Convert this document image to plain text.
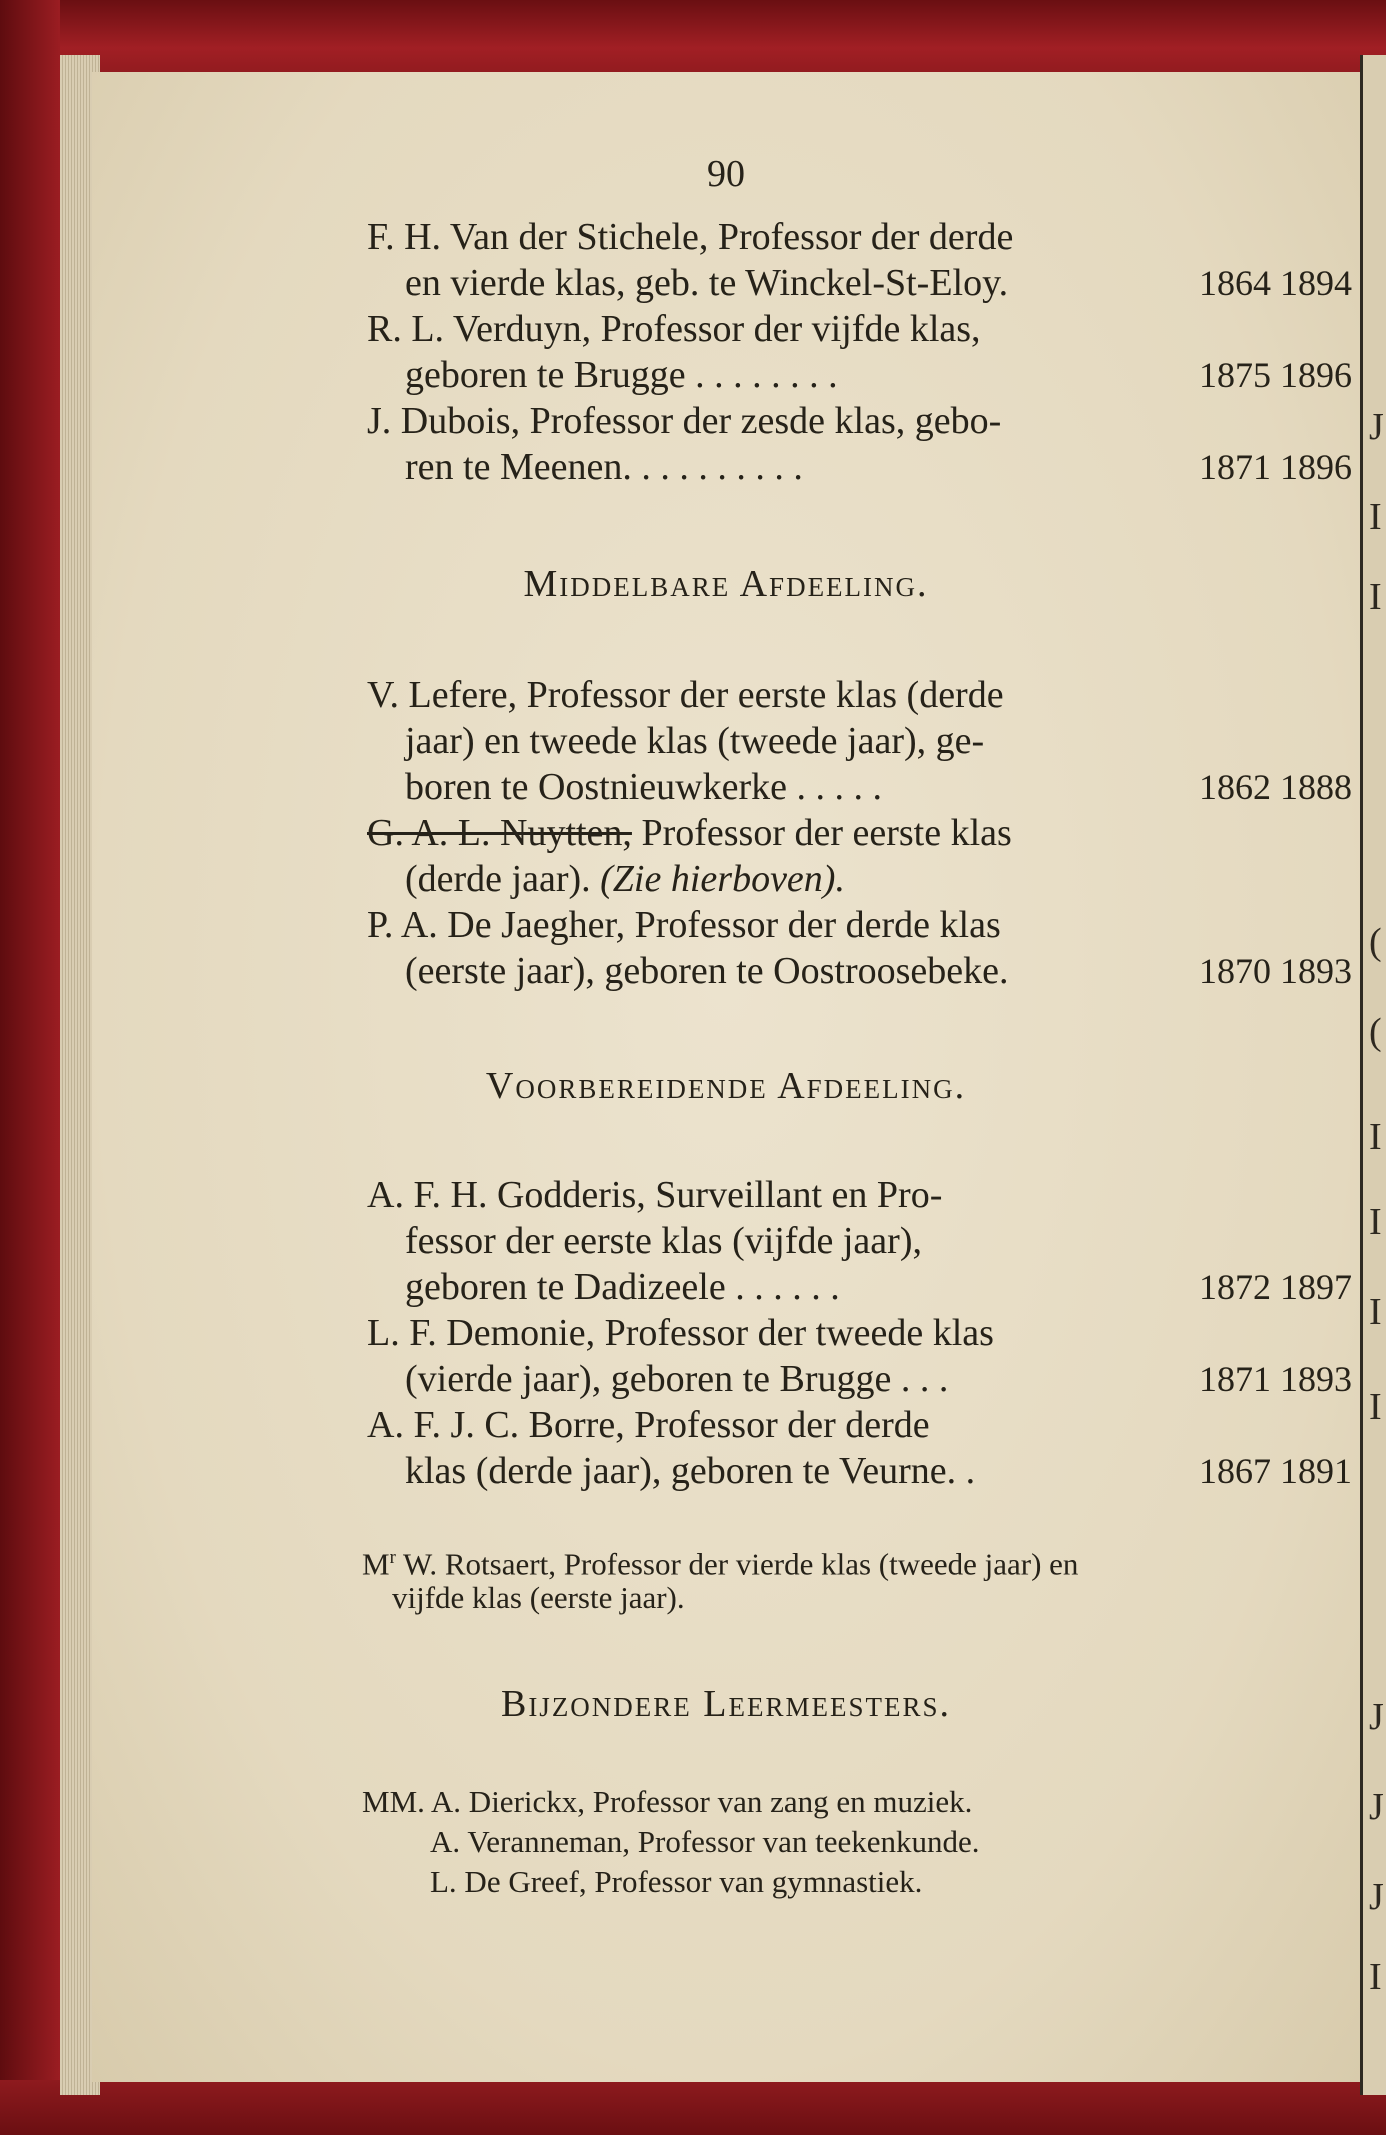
90
F. H. Van der Stichele, Professor der derde
en vierde klas, geb. te Winckel-St-Eloy.	1864 1894
R. L. Verduyn, Professor der vijfde klas,
geboren te Brugge . . . . . . . .	1875 1896
J. Dubois, Professor der zesde klas, gebo-
ren te Meenen. . . . . . . . . .	1871 1896
Middelbare Afdeeling.
V. Lefere, Professor der eerste klas (derde
jaar) en tweede klas (tweede jaar), ge-
boren te Oostnieuwkerke . . . . .	1862 1888
G. A. L. Nuytten, Professor der eerste klas
(derde jaar). (Zie hierboven).
P. A. De Jaegher, Professor der derde klas
(eerste jaar), geboren te Oostroosebeke.	1870 1893
Voorbereidende Afdeeling.
A. F. H. Godderis, Surveillant en Pro-
fessor der eerste klas (vijfde jaar),
geboren te Dadizeele . . . . . .	1872 1897
L. F. Demonie, Professor der tweede klas
(vierde jaar), geboren te Brugge . . .	1871 1893
A. F. J. C. Borre, Professor der derde
klas (derde jaar), geboren te Veurne. .	1867 1891
$M^r$ W. Rotsaert, Professor der vierde klas (tweede jaar) en
vijfde klas (eerste jaar).
Bijzondere Leermeesters.
MM. A. Dierickx, Professor van zang en muziek.
A. Veranneman, Professor van teekenkunde.
L. De Greef, Professor van gymnastiek.
J
I
I
(
(
I
I
I
I
J
J
J
I
